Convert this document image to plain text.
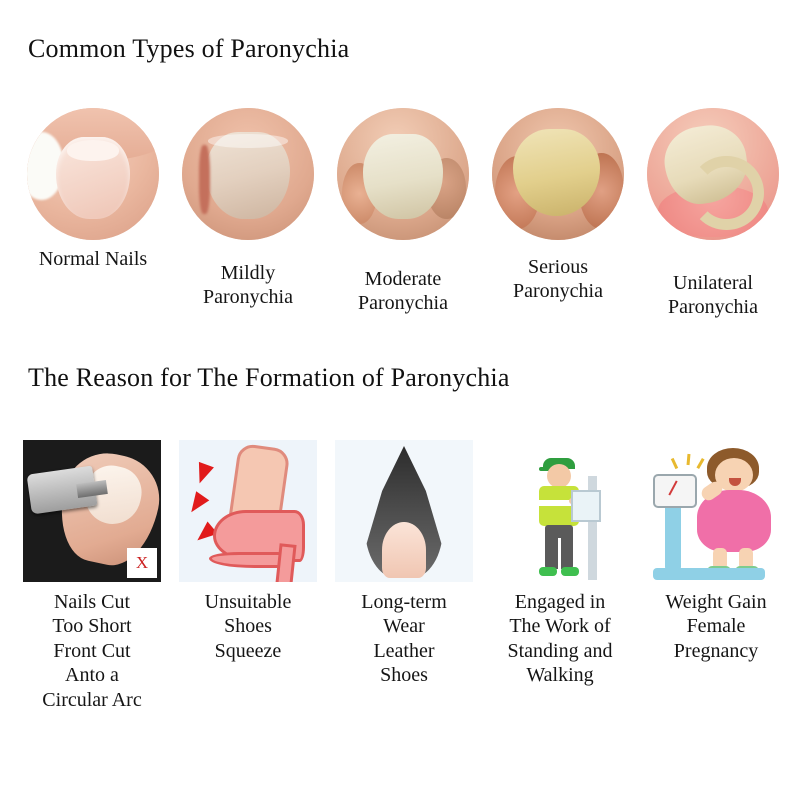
Common Types of Paronychia
Normal Nails
Mildly
Paronychia
Moderate
Paronychia
Serious
Paronychia	Unilateral
Paronychia
The Reason for The Formation of Paronychia
X
Nails Cut
Too Short
Front Cut
Anto a
Circular Arc
Unsuitable
Shoes
Squeeze
Long-term
Wear
Leather
Shoes
Engaged in
The Work of
Standing and
Walking
Weight Gain
Female
Pregnancy
